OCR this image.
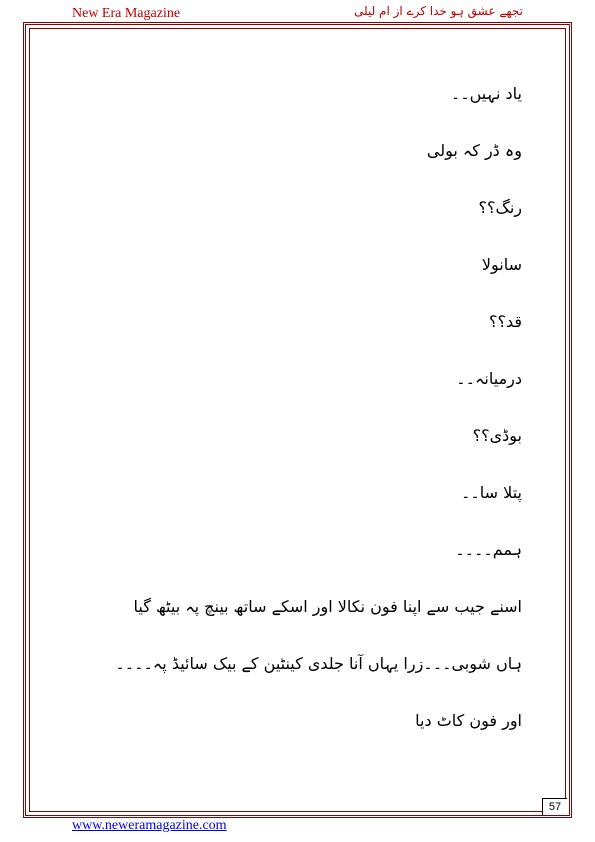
New Era Magazine	تجھے عشق ہو خدا کرے از ام لیلی
یاد نہیں۔۔
وہ ڈر کہ بولی
رنگ؟؟
سانولا
قد؟؟
درمیانہ۔۔
بوڈی؟؟
پتلا سا۔۔
ہمم۔۔۔۔
اسنے جیب سے اپنا فون نکالا اور اسکے ساتھ بینچ پہ بیٹھ گیا
ہاں شوبی۔۔۔زرا یہاں آنا جلدی کینٹین کے بیک سائیڈ پہ۔۔۔۔
اور فون کاٹ دیا
57
www.neweramagazine.com
